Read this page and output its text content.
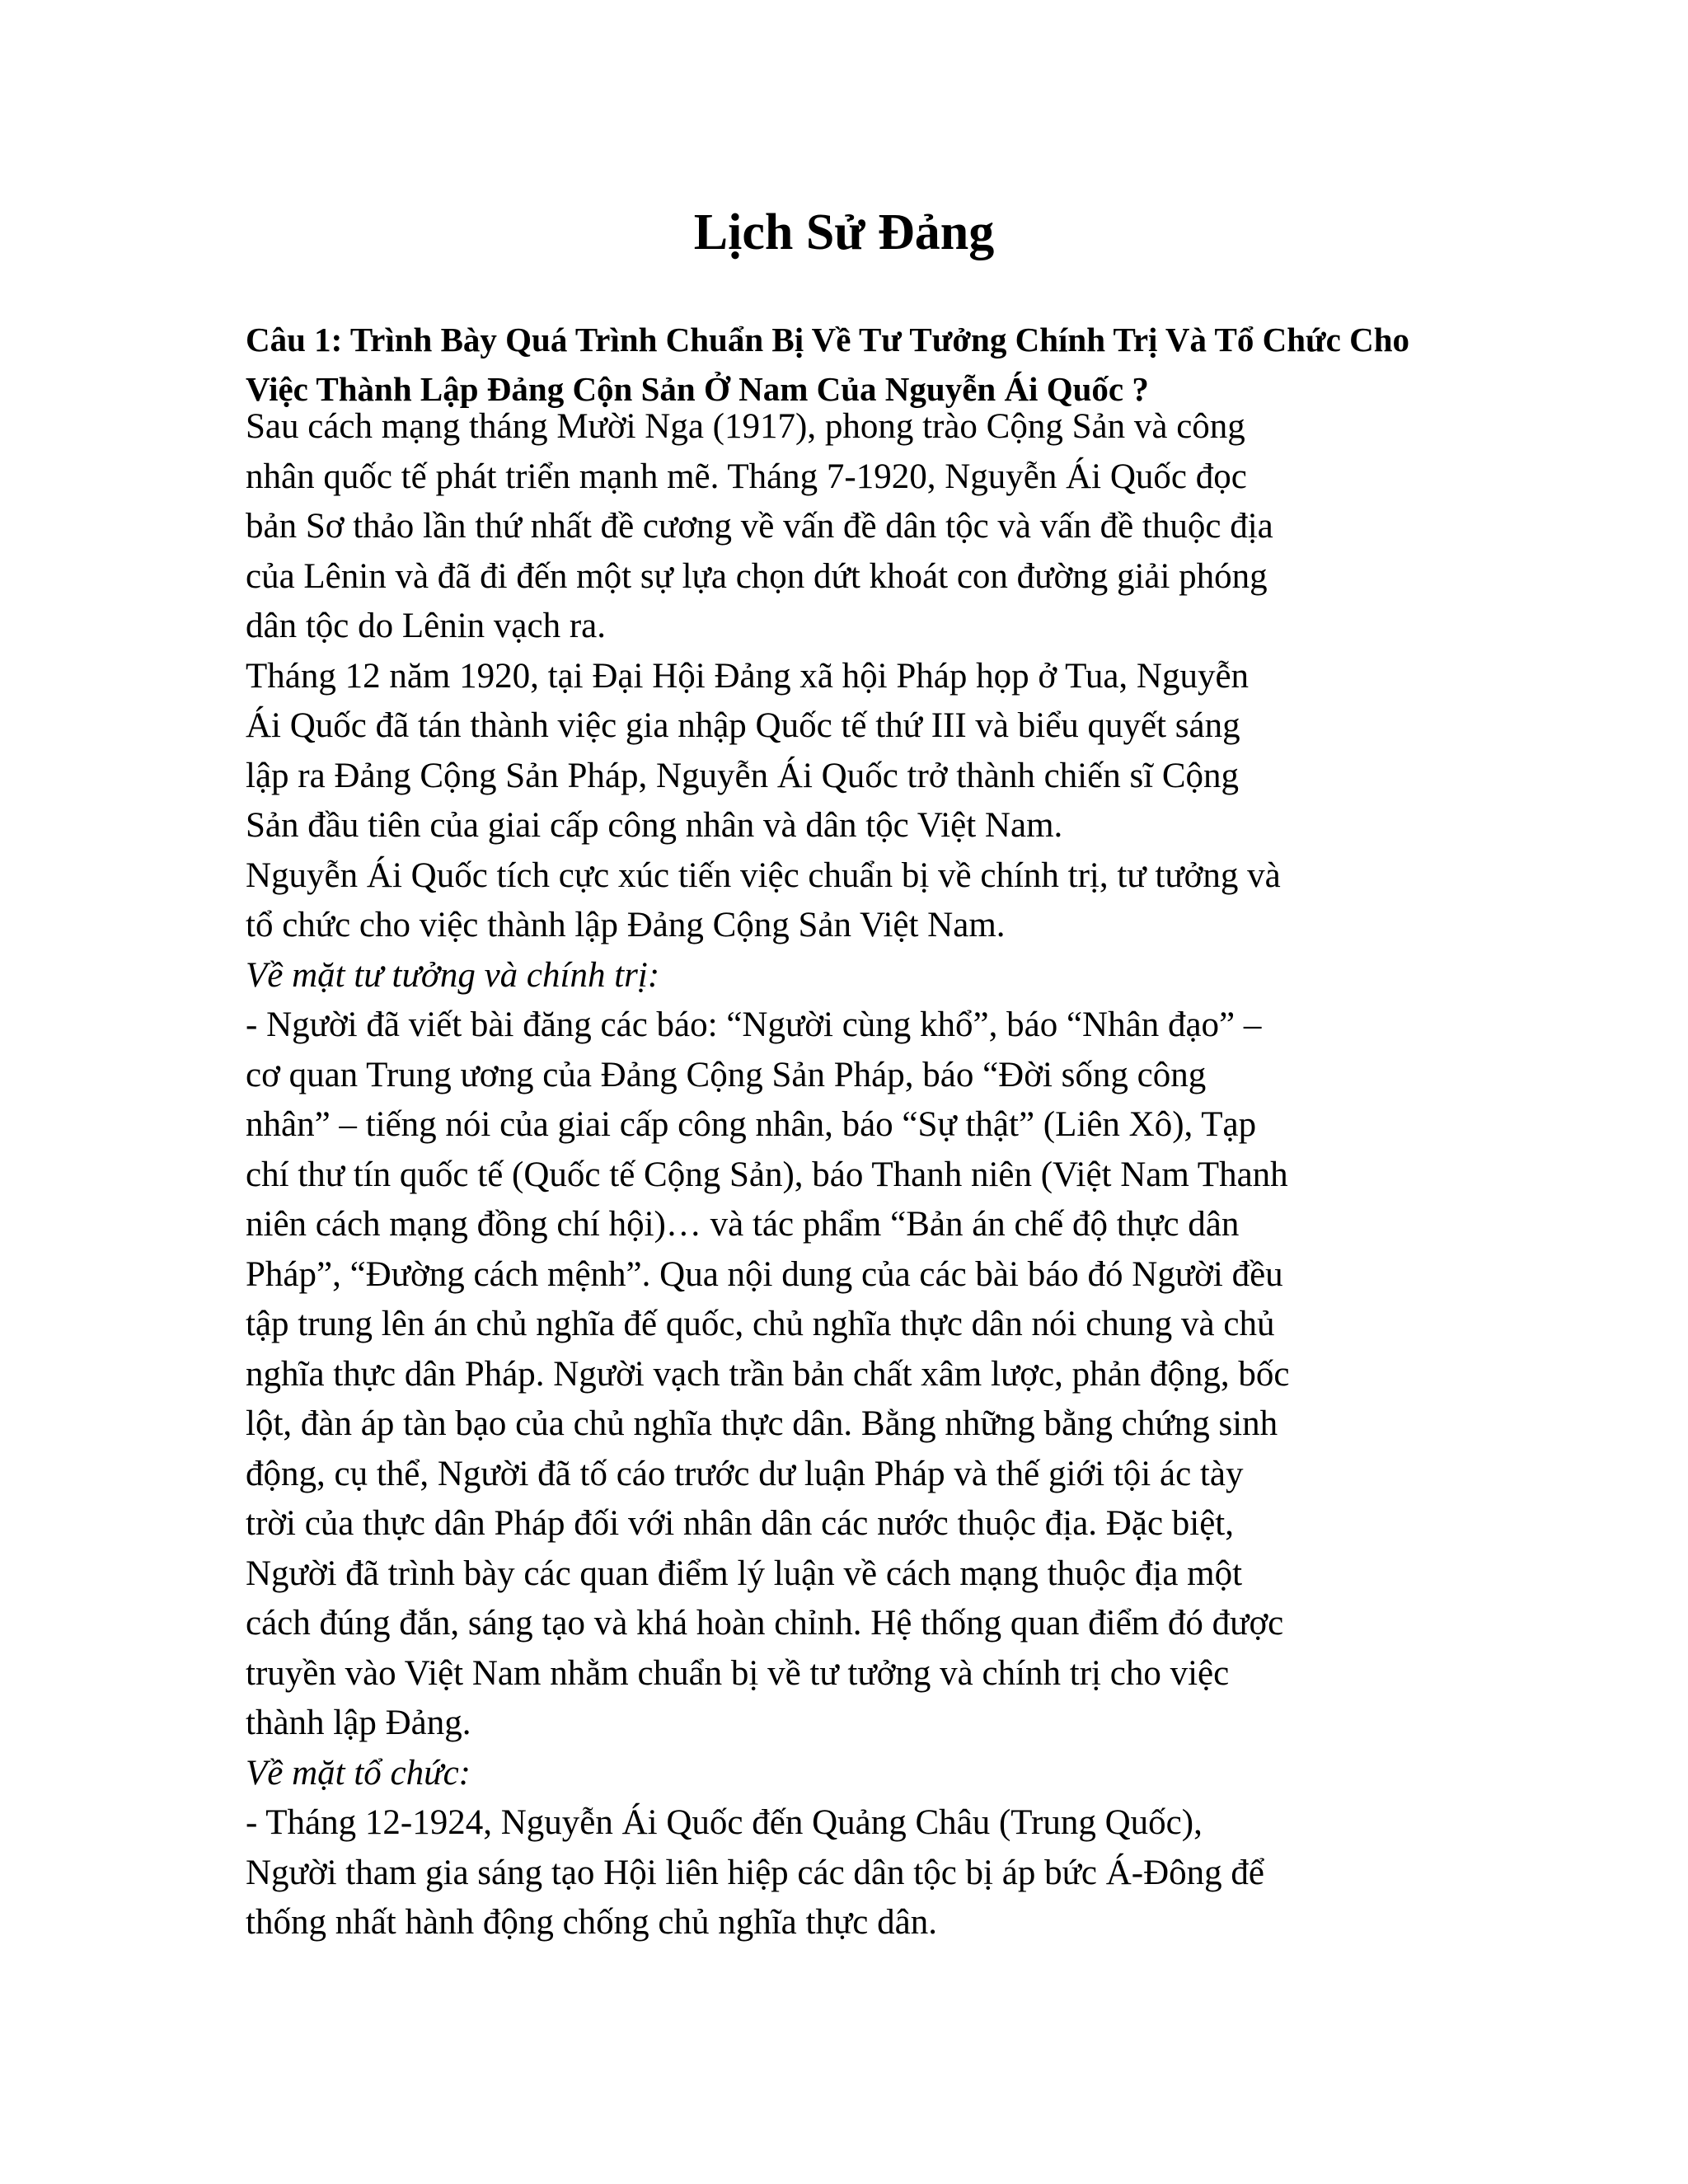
Lịch Sử Đảng
Câu 1: Trình Bày Quá Trình Chuẩn Bị Về Tư Tưởng Chính Trị Và Tổ Chức Cho
Việc Thành Lập Đảng Cộn Sản Ở Nam Của Nguyễn Ái Quốc ?
Sau cách mạng tháng Mười Nga (1917), phong trào Cộng Sản và công
nhân quốc tế phát triển mạnh mẽ. Tháng 7-1920, Nguyễn Ái Quốc đọc
bản Sơ thảo lần thứ nhất đề cương về vấn đề dân tộc và vấn đề thuộc địa
của Lênin và đã đi đến một sự lựa chọn dứt khoát con đường giải phóng
dân tộc do Lênin vạch ra.
Tháng 12 năm 1920, tại Đại Hội Đảng xã hội Pháp họp ở Tua, Nguyễn
Ái Quốc đã tán thành việc gia nhập Quốc tế thứ III và biểu quyết sáng
lập ra Đảng Cộng Sản Pháp, Nguyễn Ái Quốc trở thành chiến sĩ Cộng
Sản đầu tiên của giai cấp công nhân và dân tộc Việt Nam.
Nguyễn Ái Quốc tích cực xúc tiến việc chuẩn bị về chính trị, tư tưởng và
tổ chức cho việc thành lập Đảng Cộng Sản Việt Nam.
Về mặt tư tưởng và chính trị:
- Người đã viết bài đăng các báo: “Người cùng khổ”, báo “Nhân đạo” –
cơ quan Trung ương của Đảng Cộng Sản Pháp, báo “Đời sống công
nhân” – tiếng nói của giai cấp công nhân, báo “Sự thật” (Liên Xô), Tạp
chí thư tín quốc tế (Quốc tế Cộng Sản), báo Thanh niên (Việt Nam Thanh
niên cách mạng đồng chí hội)… và tác phẩm “Bản án chế độ thực dân
Pháp”, “Đường cách mệnh”. Qua nội dung của các bài báo đó Người đều
tập trung lên án chủ nghĩa đế quốc, chủ nghĩa thực dân nói chung và chủ
nghĩa thực dân Pháp. Người vạch trần bản chất xâm lược, phản động, bốc
lột, đàn áp tàn bạo của chủ nghĩa thực dân. Bằng những bằng chứng sinh
động, cụ thể, Người đã tố cáo trước dư luận Pháp và thế giới tội ác tày
trời của thực dân Pháp đối với nhân dân các nước thuộc địa. Đặc biệt,
Người đã trình bày các quan điểm lý luận về cách mạng thuộc địa một
cách đúng đắn, sáng tạo và khá hoàn chỉnh. Hệ thống quan điểm đó được
truyền vào Việt Nam nhằm chuẩn bị về tư tưởng và chính trị cho việc
thành lập Đảng.
Về mặt tổ chức:
- Tháng 12-1924, Nguyễn Ái Quốc đến Quảng Châu (Trung Quốc),
Người tham gia sáng tạo Hội liên hiệp các dân tộc bị áp bức Á-Đông để
thống nhất hành động chống chủ nghĩa thực dân.
